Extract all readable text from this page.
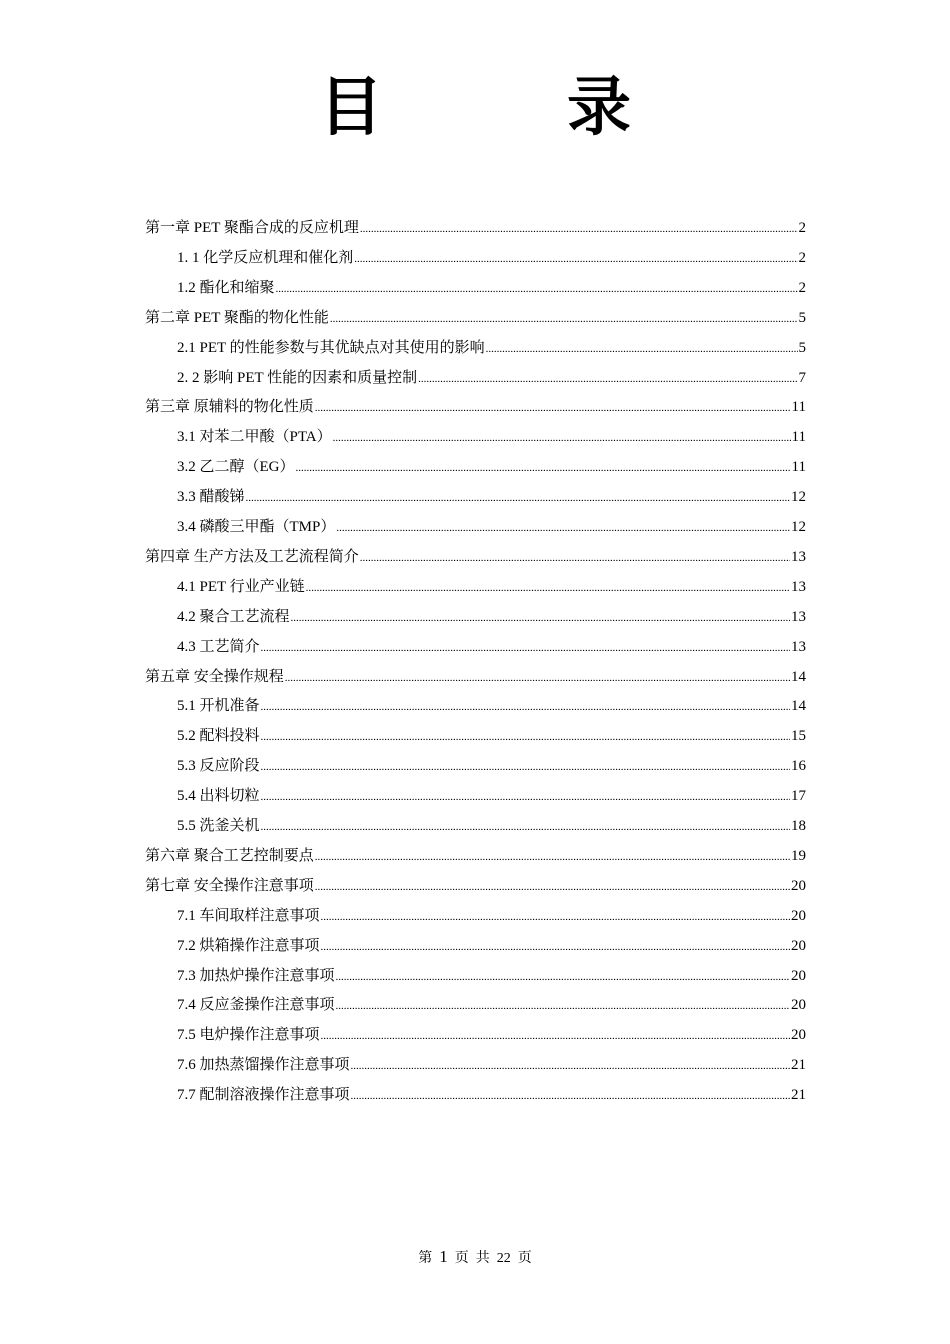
目　录
第一章 PET 聚酯合成的反应机理 .....	2
1. 1 化学反应机理和催化剂 .....	2
1.2 酯化和缩聚 .....	2
第二章 PET 聚酯的物化性能 .....	5
2.1 PET 的性能参数与其优缺点对其使用的影响 .....	5
2. 2 影响 PET 性能的因素和质量控制 .....	7
第三章 原辅料的物化性质 .....	11
3.1 对苯二甲酸（PTA） .....	11
3.2 乙二醇（EG） .....	11
3.3 醋酸锑 .....	12
3.4 磷酸三甲酯（TMP） .....	12
第四章 生产方法及工艺流程简介 .....	13
4.1 PET 行业产业链 .....	13
4.2 聚合工艺流程 .....	13
4.3 工艺简介 .....	13
第五章 安全操作规程 .....	14
5.1 开机准备 .....	14
5.2 配料投料 .....	15
5.3 反应阶段 .....	16
5.4 出料切粒 .....	17
5.5 洗釜关机 .....	18
第六章 聚合工艺控制要点 .....	19
第七章 安全操作注意事项 .....	20
7.1 车间取样注意事项 .....	20
7.2 烘箱操作注意事项 .....	20
7.3 加热炉操作注意事项 .....	20
7.4 反应釜操作注意事项 .....	20
7.5 电炉操作注意事项 .....	20
7.6 加热蒸馏操作注意事项 .....	21
7.7 配制溶液操作注意事项 .....	21
第 1 页  共 22 页
